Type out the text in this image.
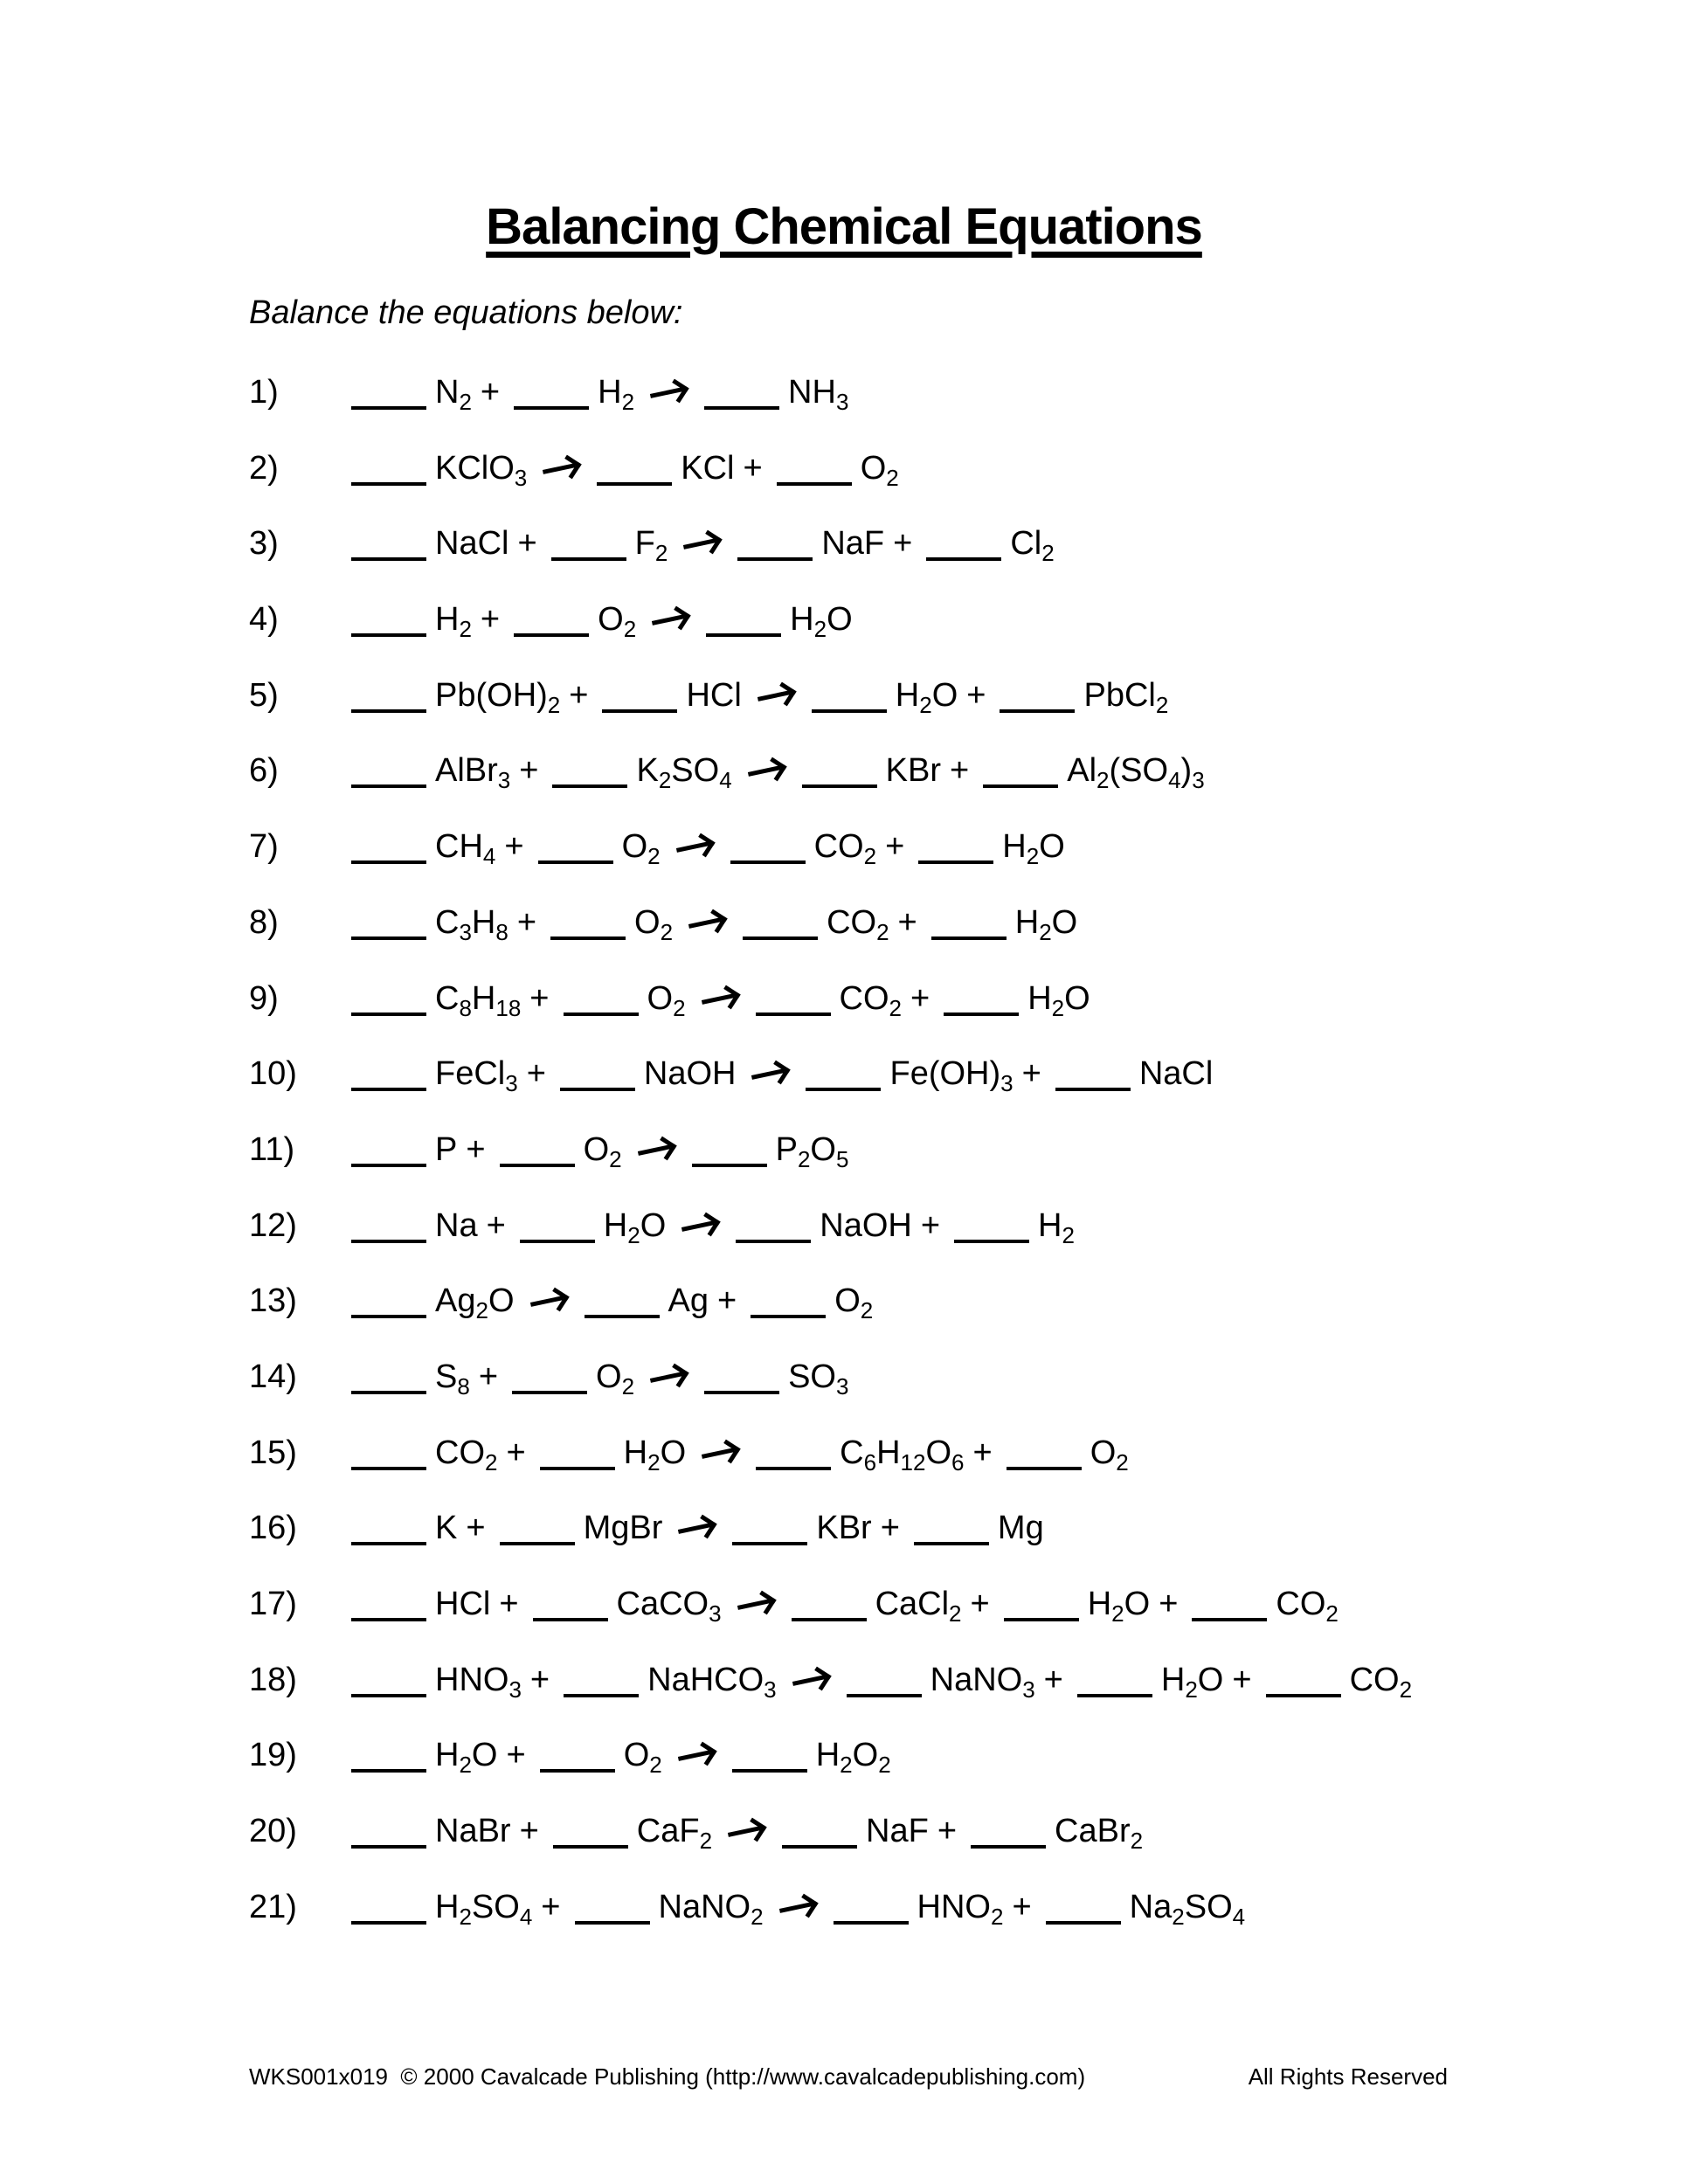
Balancing Chemical Equations
Balance the equations below:
1)	$N_2$ +	$H_2$	$NH_3$
2)	KClO$_3$	KCl +	$O_2$
3)	NaCl +	$F_2$	NaF +	$Cl_2$
4)	$H_2$ +	$O_2$	$H_2O$
5)	$Pb(OH)_2$ +	HCl	$H_2O$ +	PbCl$_2$
6)	AlBr$_3$ +	$K_2SO_4$	KBr +	$Al_2(SO_4)_3$
7)	$CH_4$ +	$O_2$	$CO_2$ +	$H_2O$
8)	$C_3H_8$ +	$O_2$	$CO_2$ +	$H_2O$
9)	$C_8H_{18}$ +	$O_2$	$CO_2$ +	$H_2O$
10)	FeCl$_3$ +	NaOH	$Fe(OH)_3$ +	NaCl
11)	P +	$O_2$	$P_2O_5$
12)	Na +	$H_2O$	NaOH +	$H_2$
13)	$Ag_2O$	Ag +	$O_2$
14)	$S_8$ +	$O_2$	$SO_3$
15)	$CO_2$ +	$H_2O$	$C_6H_{12}O_6$ +	$O_2$
16)	K +	MgBr	KBr +	Mg
17)	HCl +	CaCO$_3$	CaCl$_2$ +	$H_2O$ +	$CO_2$
18)	$HNO_3$ +	NaHCO$_3$	NaNO$_3$ +	$H_2O$ +	$CO_2$
19)	$H_2O$ +	$O_2$	$H_2O_2$
20)	NaBr +	CaF$_2$	NaF +	CaBr$_2$
21)	$H_2SO_4$ +	NaNO$_2$	$HNO_2$ +	$Na_2SO_4$
WKS001x019  © 2000 Cavalcade Publishing (http://www.cavalcadepublishing.com)	All Rights Reserved
